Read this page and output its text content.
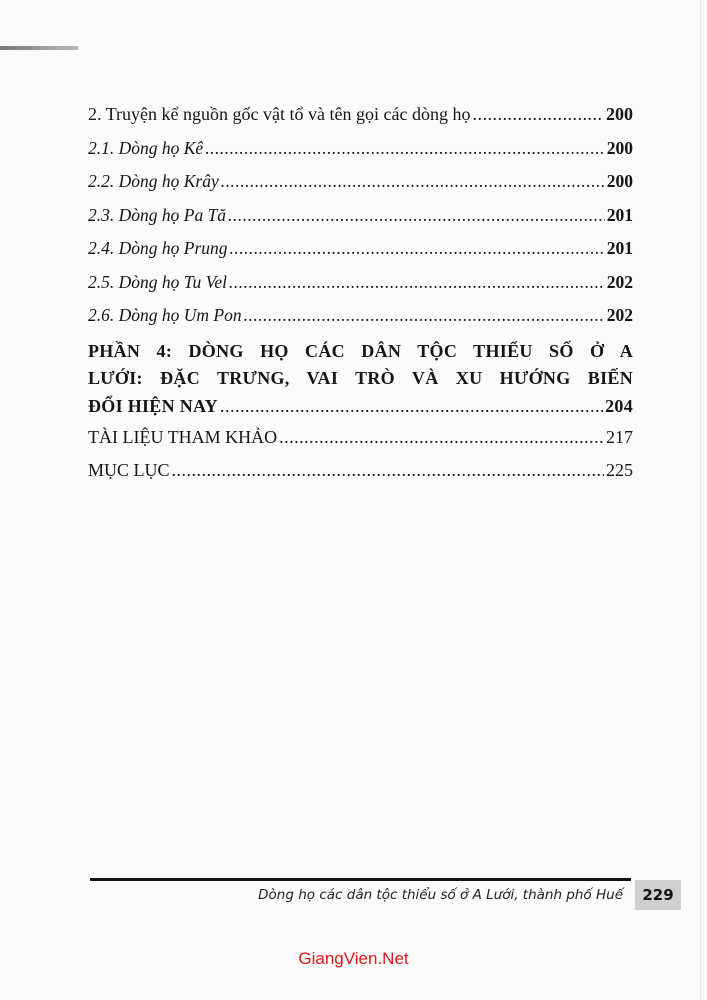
2. Truyện kể nguồn gốc vật tổ và tên gọi các dòng họ .....	200
2.1. Dòng họ Kê .....	200
2.2. Dòng họ Krây .....	200
2.3. Dòng họ Pa Tă .....	201
2.4. Dòng họ Prung .....	201
2.5. Dòng họ Tu Vel .....	202
2.6. Dòng họ Um Pon .....	202
PHẦN 4: DÒNG HỌ CÁC DÂN TỘC THIỂU SỐ Ở A
LƯỚI: ĐẶC TRƯNG, VAI TRÒ VÀ XU HƯỚNG BIẾN
ĐỔI HIỆN NAY .....	204
TÀI LIỆU THAM KHẢO .....	217
MỤC LỤC .....	225
Dòng họ các dân tộc thiểu số ở A Lưới, thành phố Huế	229
GiangVien.Net
